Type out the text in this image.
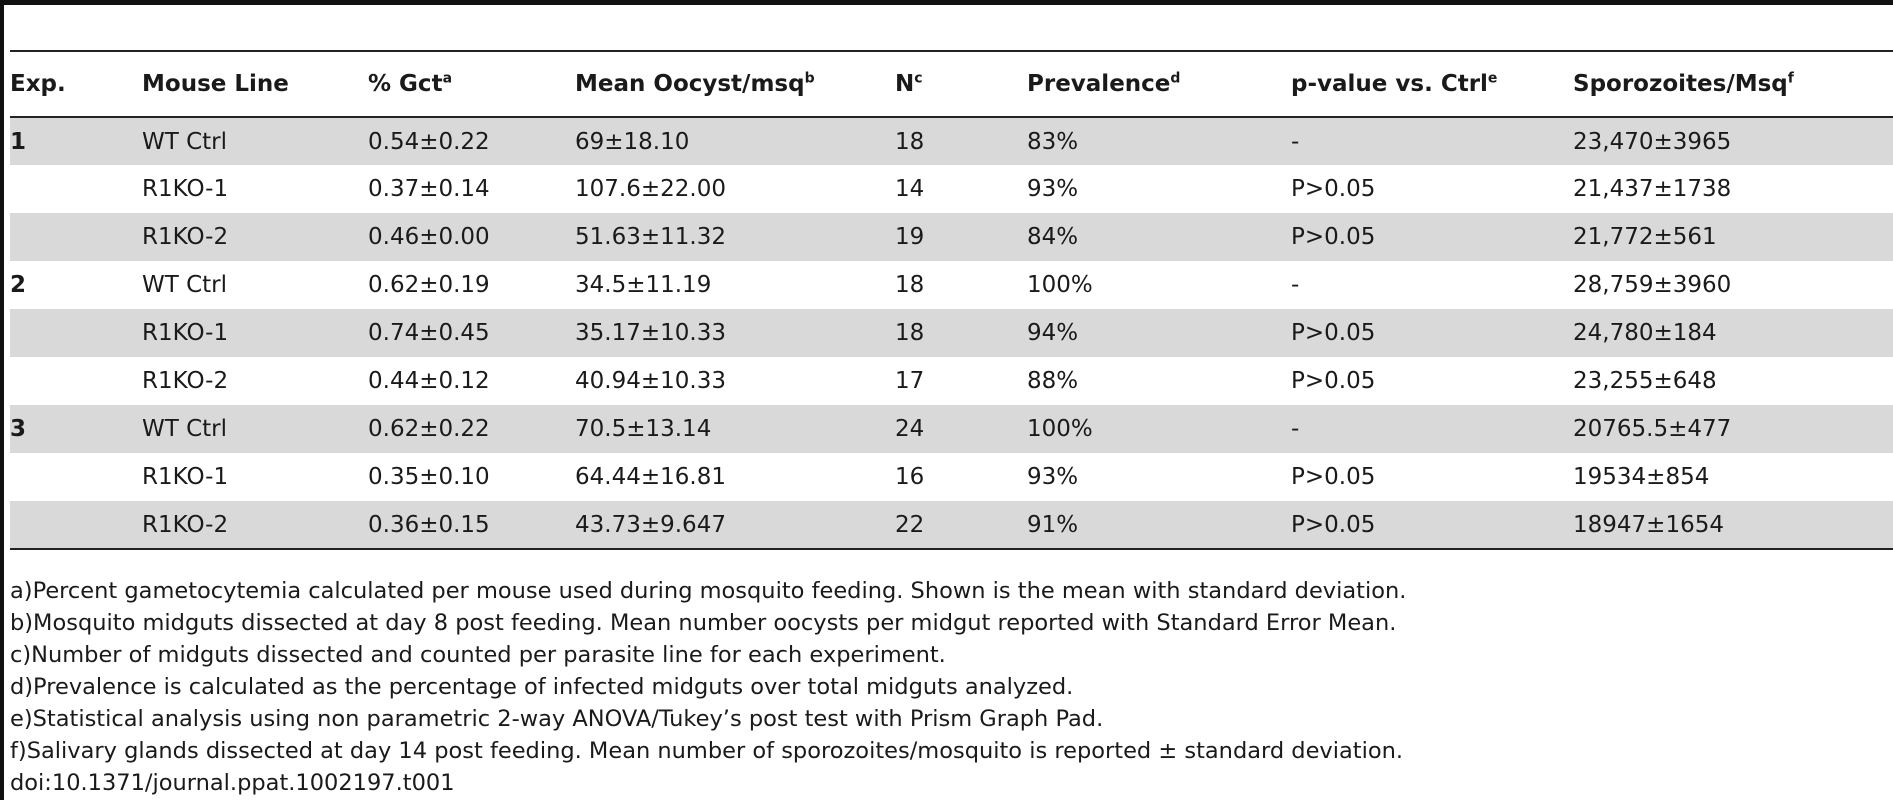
Exp.	Mouse Line	% Gct$^a$	Mean Oocyst/msq$^b$	$N^c$	Prevalence$^d$	p-value vs. Ctrl$^e$	Sporozoites/Msq$^f$
1	WT Ctrl	0.54±0.22	69±18.10	18	83%	-	23,470±3965
	R1KO-1	0.37±0.14	107.6±22.00	14	93%	P>0.05	21,437±1738
	R1KO-2	0.46±0.00	51.63±11.32	19	84%	P>0.05	21,772±561
2	WT Ctrl	0.62±0.19	34.5±11.19	18	100%	-	28,759±3960
	R1KO-1	0.74±0.45	35.17±10.33	18	94%	P>0.05	24,780±184
	R1KO-2	0.44±0.12	40.94±10.33	17	88%	P>0.05	23,255±648
3	WT Ctrl	0.62±0.22	70.5±13.14	24	100%	-	20765.5±477
	R1KO-1	0.35±0.10	64.44±16.81	16	93%	P>0.05	19534±854
	R1KO-2	0.36±0.15	43.73±9.647	22	91%	P>0.05	18947±1654
a)Percent gametocytemia calculated per mouse used during mosquito feeding. Shown is the mean with standard deviation.
b)Mosquito midguts dissected at day 8 post feeding. Mean number oocysts per midgut reported with Standard Error Mean.
c)Number of midguts dissected and counted per parasite line for each experiment.
d)Prevalence is calculated as the percentage of infected midguts over total midguts analyzed.
e)Statistical analysis using non parametric 2-way ANOVA/Tukey’s post test with Prism Graph Pad.
f)Salivary glands dissected at day 14 post feeding. Mean number of sporozoites/mosquito is reported ± standard deviation.
doi:10.1371/journal.ppat.1002197.t001
